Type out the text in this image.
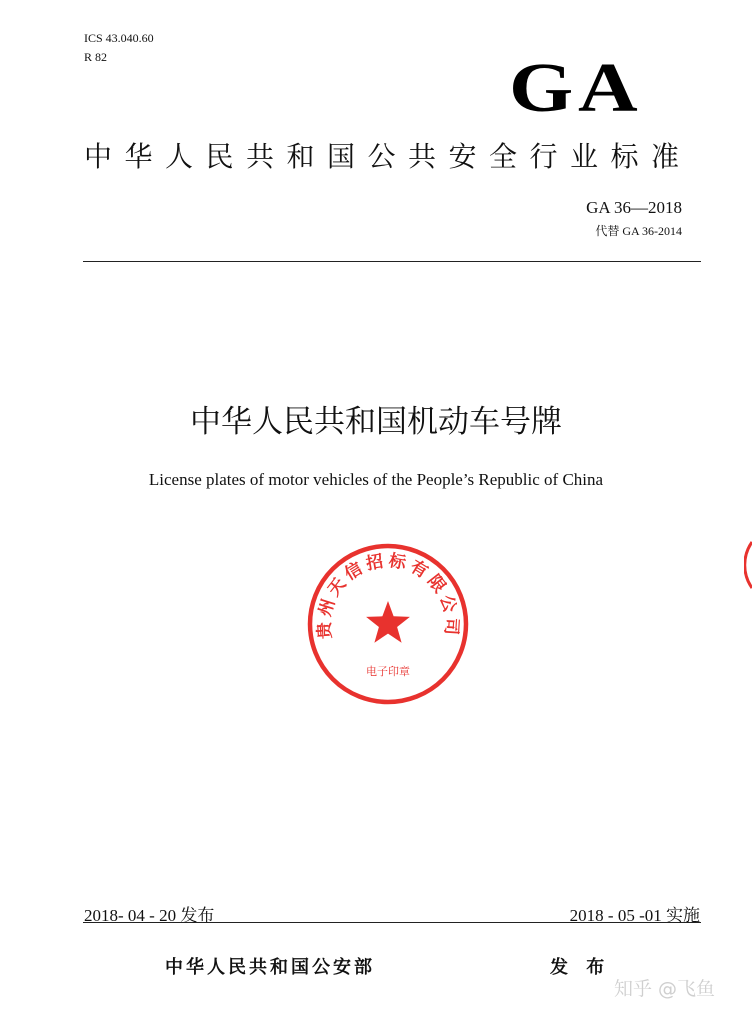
ICS 43.040.60
R 82	GA
中华人民共和国公共安全行业标准
GA 36—2018
代替 GA 36-2014
中华人民共和国机动车号牌
License plates of motor vehicles of the People’s Republic of China
贵州天信招标有限公司
电子印章
2018- 04 - 20 发布	2018 - 05 -01 实施
中华人民共和国公安部	发 布
知乎 @飞鱼
